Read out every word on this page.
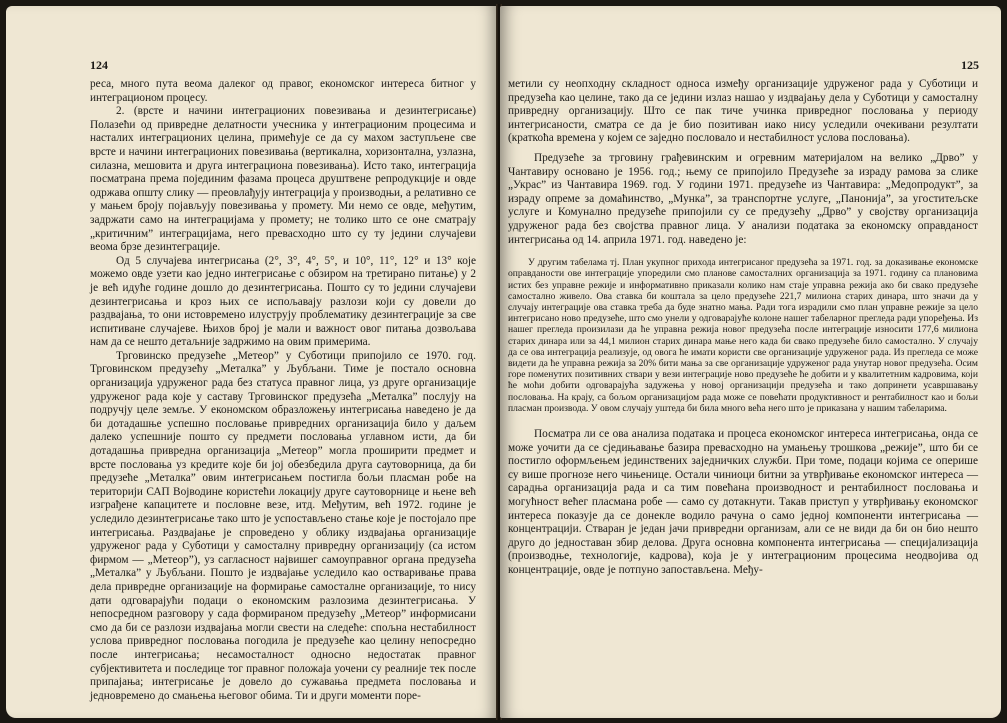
124

реса, много пута веома далеког од правог, економског интереса битног у интеграционом процесу.

2. (врсте и начини интеграционих повезивања и дезинтегрисање) Полазећи од привредне делатности учесника у интеграционим процесима и насталих интеграционих целина, примећује се да су махом заступљене све врсте и начини интеграционих повезивања (вертикална, хоризонтална, узлазна, силазна, мешовита и друга интеграциона повезивања). Исто тако, интеграција посматрана према појединим фазама процеса друштвене репродукције и овде одржава општу слику — преовлађују интеграција у производњи, а релативно се у мањем броју појављују повезивања у промету. Ми немо се овде, међутим, задржати само на интеграцијама у промету; не толико што се оне сматрају „критичним” интеграцијама, него превасходно што су ту једини случајеви веома брзе дезинтеграције.

Од 5 случајева интегрисања (2°, 3°, 4°, 5°, и 10°, 11°, 12° и 13° које можемо овде узети као једно интегрисање с обзиром на третирано питање) у 2 је већ идуће године дошло до дезинтегрисања. Пошто су то једини случајеви дезинтегрисања и кроз њих се испољавају разлози који су довели до раздвајања, то они истовремено илуструју проблематику дезинтеграције за све испитиване случајеве. Њихов број је мали и важност овог питања дозвољава нам да се нешто детаљније задржимо на овим примерима.

Трговинско предузеће „Метеор” у Суботици припојило се 1970. год. Трговинском предузећу „Металка” у Љубљани. Тиме је постало основна организација удруженог рада без статуса правног лица, уз друге организације удруженог рада које у саставу Трговинског предузећа „Металка” послују на подручју целе земље. У економском образложењу интегрисања наведено је да би дотадашње успешно пословање привредних организација било у даљем далеко успешније пошто су предмети пословања углавном исти, да би дотадашња привредна организација „Метеор” могла проширити предмет и врсте пословања уз кредите које би јој обезбедила друга саутоворница, да би предузеће „Металка” овим интегрисањем постигла бољи пласман робе на територији САП Војводине користећи локацију друге саутоворнице и њене већ изграђене капацитете и пословне везе, итд. Међутим, већ 1972. године је уследило дезинтегрисање тако што је успостављено стање које је постојало пре интегрисања. Раздвајање је спроведено у облику издвајања организације удруженог рада у Суботици у самосталну привредну организацију (са истом фирмом — „Метеор”), уз сагласност највишег самоуправног органа предузећа „Металка” у Љубљани. Пошто је издвајање уследило као остваривање права дела привредне организације на формирање самосталне организације, то нису дати одговарајући подаци о економским разлозима дезинтегрисања. У непосредном разговору у сада формираном предузећу „Метеор” информисани смо да би се разлози издвајања могли свести на следеће: спољна нестабилност услова привредног пословања погодила је предузеће као целину непосредно после интегрисања; несамосталност односно недостатак правног субјективитета и последице тог правног положаја уочени су реалније тек после припајања; интегрисање је довело до сужавања предмета пословања и једновремено до смањења његовог обима. Ти и други моменти поре-

125

метили су неопходну складност односа између организације удруженог рада у Суботици и предузећа као целине, тако да се једини излаз нашао у издвајању дела у Суботици у самосталну привредну организацију. Што се пак тиче учинка привредног пословања у периоду интегрисаности, сматра се да је био позитиван иако нису уследили очекивани резултати (краткоћа времена у којем се заједно пословало и нестабилност услова пословања).

Предузеће за трговину грађевинским и огревним материјалом на велико „Дрво” у Чантавиру основано је 1956. год.; њему се припојило Предузеће за израду рамова за слике „Украс” из Чантавира 1969. год. У години 1971. предузеће из Чантавира: „Медопродукт”, за израду опреме за домаћинство, „Мунка”, за транспортне услуге, „Панонија”, за угоститељске услуге и Комунално предузеће припојили су се предузећу „Дрво” у својству организација удруженог рада без својства правног лица. У анализи података за економску оправданост интегрисања од 14. априла 1971. год. наведено је:

У другим табелама тј. План укупног прихода интегрисаног предузећа за 1971. год. за доказивање економске оправданости ове интеграције упоредили смо планове самосталних организација за 1971. годину са плановима истих без управне режије и информативно приказали колико нам стаје управна режија ако би свако предузеће самостално живело. Ова ставка би коштала за цело предузеће 221,7 милиона старих динара, што значи да у случају интеграције ова ставка треба да буде знатно мања. Ради тога израдили смо план управне режије за цело интегрисано ново предузеће, што смо унели у одговарајуће колоне нашег табеларног прегледа ради упоређења. Из нашег прегледа произилази да ће управна режија новог предузећа после интеграције износити 177,6 милиона старих динара или за 44,1 милион старих динара мање него када би свако предузеће било самостално. У случају да се ова интеграција реализује, од овога ће имати користи све организације удруженог рада. Из прегледа се може видети да ће управна режија за 20% бити мања за све организације удруженог рада унутар новог предузећа. Осим горе поменутих позитивних ствари у вези интеграције ново предузеће ће добити и у квалитетним кадровима, који ће моћи добити одговарајућа задужења у новој организацији предузећа и тако допринети усавршавању пословања. На крају, са бољом организацијом рада може се повећати продуктивност и рентабилност као и бољи пласман производа. У овом случају уштеда би била много већа него што је приказана у нашим табеларима.

Посматра ли се ова анализа података и процеса економског интереса интегрисања, онда се може уочити да се сједињавање базира превасходно на умањењу трошкова „режије”, што би се постигло оформљењем јединствених заједничких служби. При томе, подаци којима се оперише су више прогнозе него чињенице. Остали чиниоци битни за утврђивање економског интереса — сарадња организација рада и са тим повећана производност и рентабилност пословања и могућност већег пласмана робе — само су дотакнути. Такав приступ у утврђивању економског интереса показује да се донекле водило рачуна о само једној компоненти интегрисања — концентрацији. Стваран је један јачи привредни организам, али се не види да би он био нешто друго до једноставан збир делова. Друга основна компонента интегрисања — специјализација (производње, технологије, кадрова), која је у интеграционим процесима неодвојива од концентрације, овде је потпуно запостављена. Међу-
